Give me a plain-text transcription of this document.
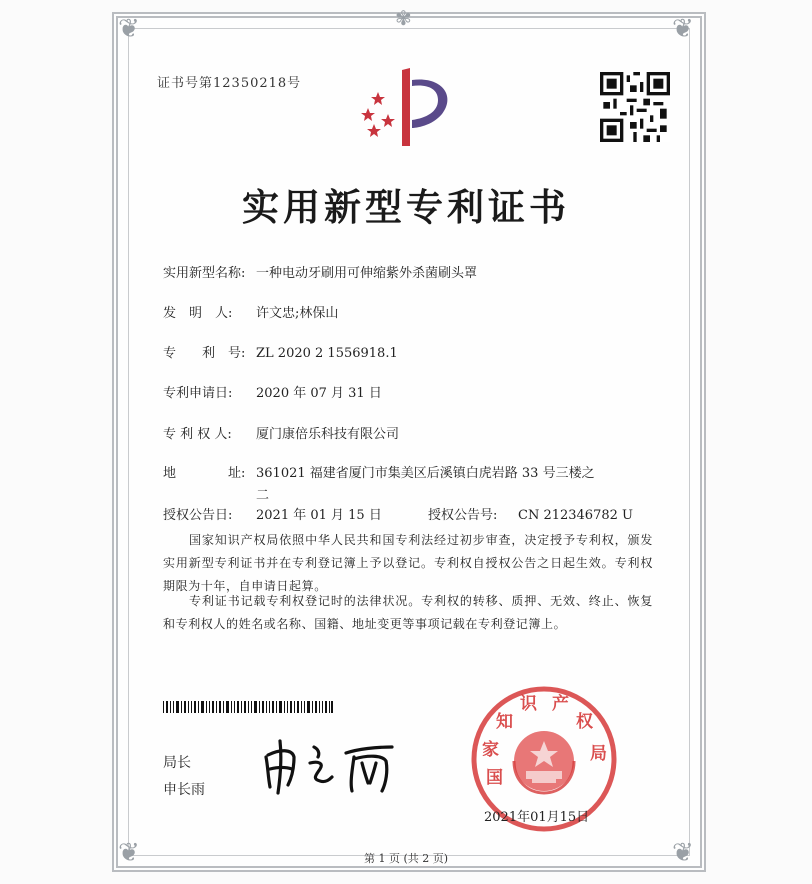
❦	❦
❦	❦
✾
证书号第12350218号
实用新型专利证书
实用新型名称: 一种电动牙刷用可伸缩紫外杀菌刷头罩
发　明　人: 许文忠;林保山
专　　利　号: ZL 2020 2 1556918.1
专利申请日: 2020 年 07 月 31 日
专 利 权 人: 厦门康倍乐科技有限公司
地　　　　址: 361021 福建省厦门市集美区后溪镇白虎岩路 33 号三楼之
二
授权公告日: 2021 年 01 月 15 日	授权公告号: CN 212346782 U
国家知识产权局依照中华人民共和国专利法经过初步审查，决定授予专利权，颁发实用新型专利证书并在专利登记簿上予以登记。专利权自授权公告之日起生效。专利权期限为十年，自申请日起算。
专利证书记载专利权登记时的法律状况。专利权的转移、质押、无效、终止、恢复和专利权人的姓名或名称、国籍、地址变更等事项记载在专利登记簿上。
局长
申长雨
国
家
知
识 产
权
局
2021年01月15日
第 1 页 (共 2 页)
